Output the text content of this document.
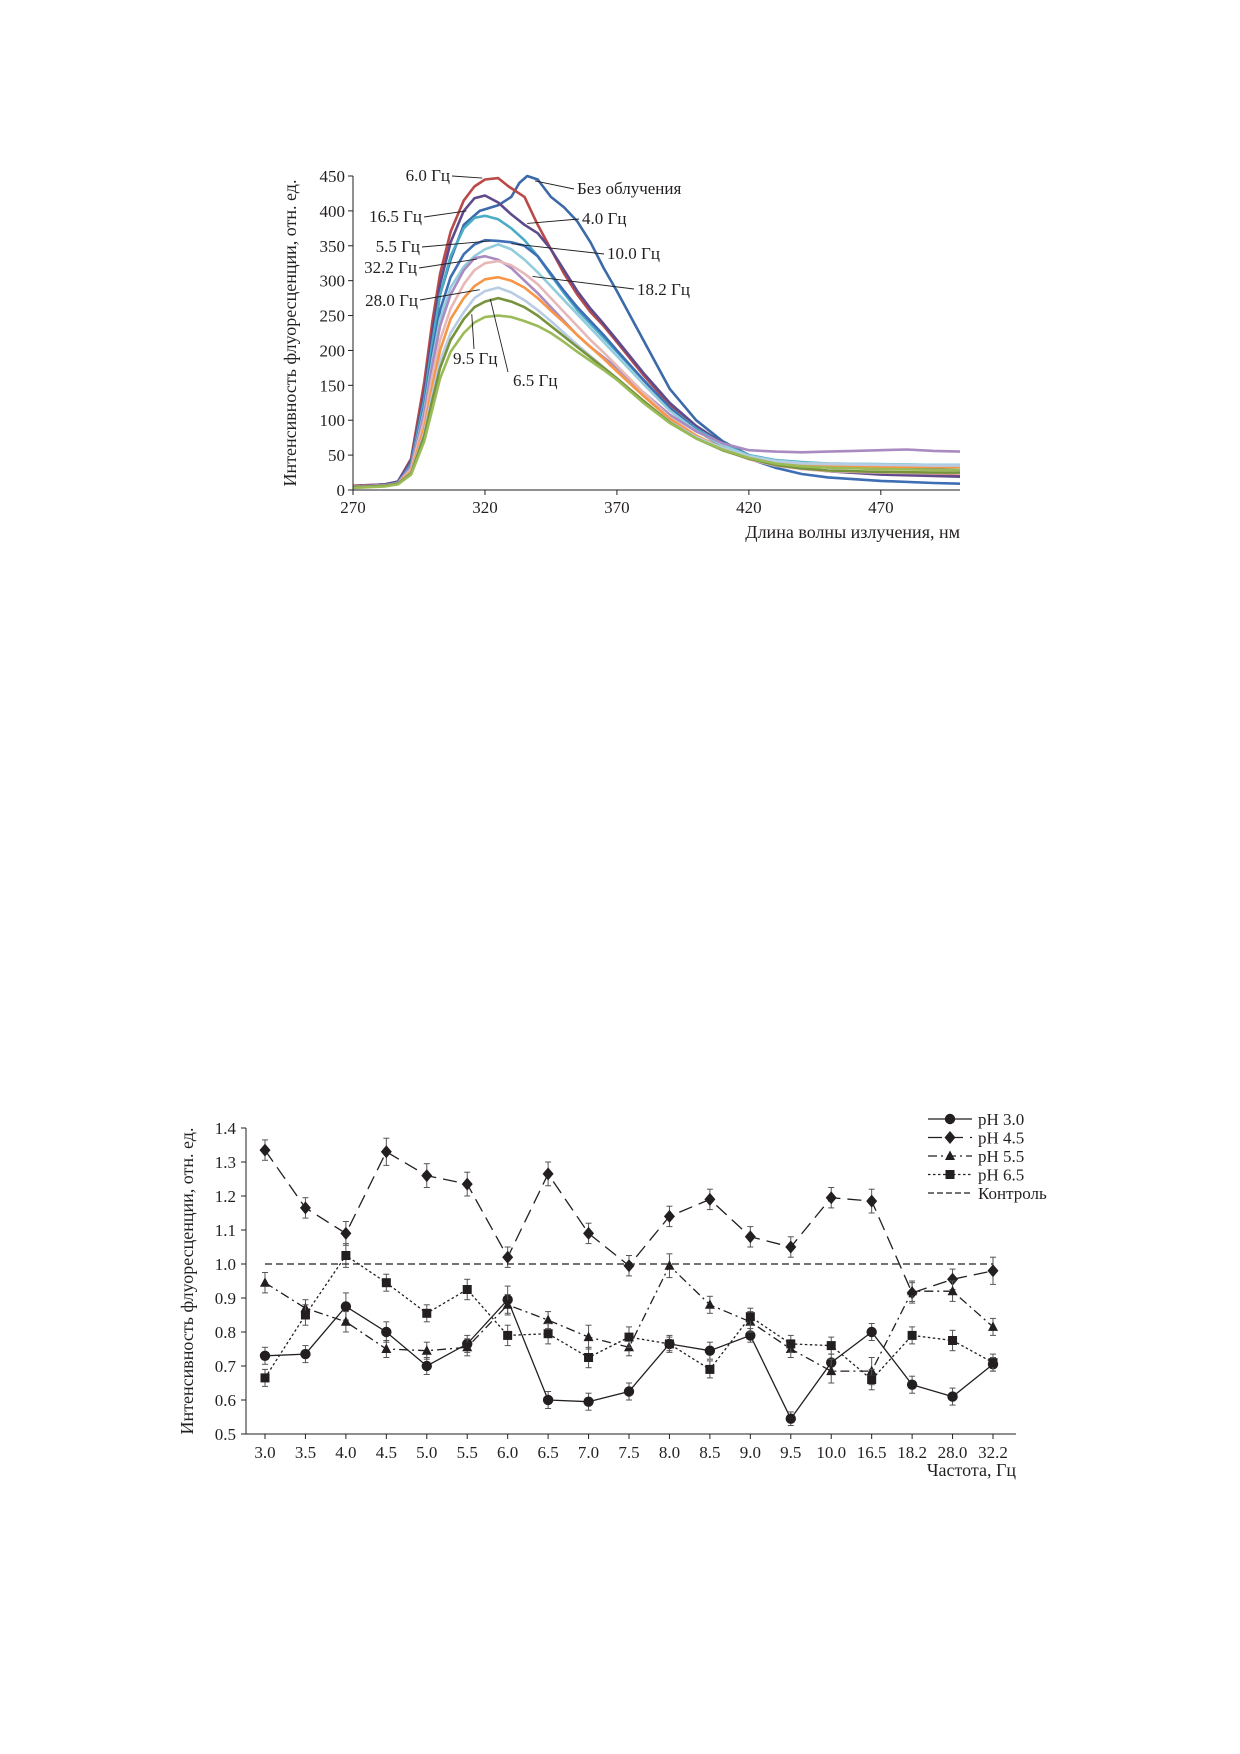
0
50
100
150
200
250
300
350
400
450
270	320	370	420	470
6.0 Гц
Без облучения
16.5 Гц	4.0 Гц
5.5 Гц	10.0 Гц
32.2 Гц
18.2 Гц
28.0 Гц
9.5 Гц
6.5 Гц
Длина волны излучения, нм
Интенсивность флуоресценции, отн. ед.
0.5
0.6
0.7
0.8
0.9
1.0
1.1
1.2
1.3
1.4
3.0 3.5 4.0 4.5 5.0 5.5 6.0 6.5 7.0 7.5 8.0 8.5 9.0 9.5 10.0 16.5 18.2 28.0 32.2
pH 3.0
pH 4.5
pH 5.5
pH 6.5
Контроль
Частота, Гц
Интенсивность флуоресценции, отн. ед.
